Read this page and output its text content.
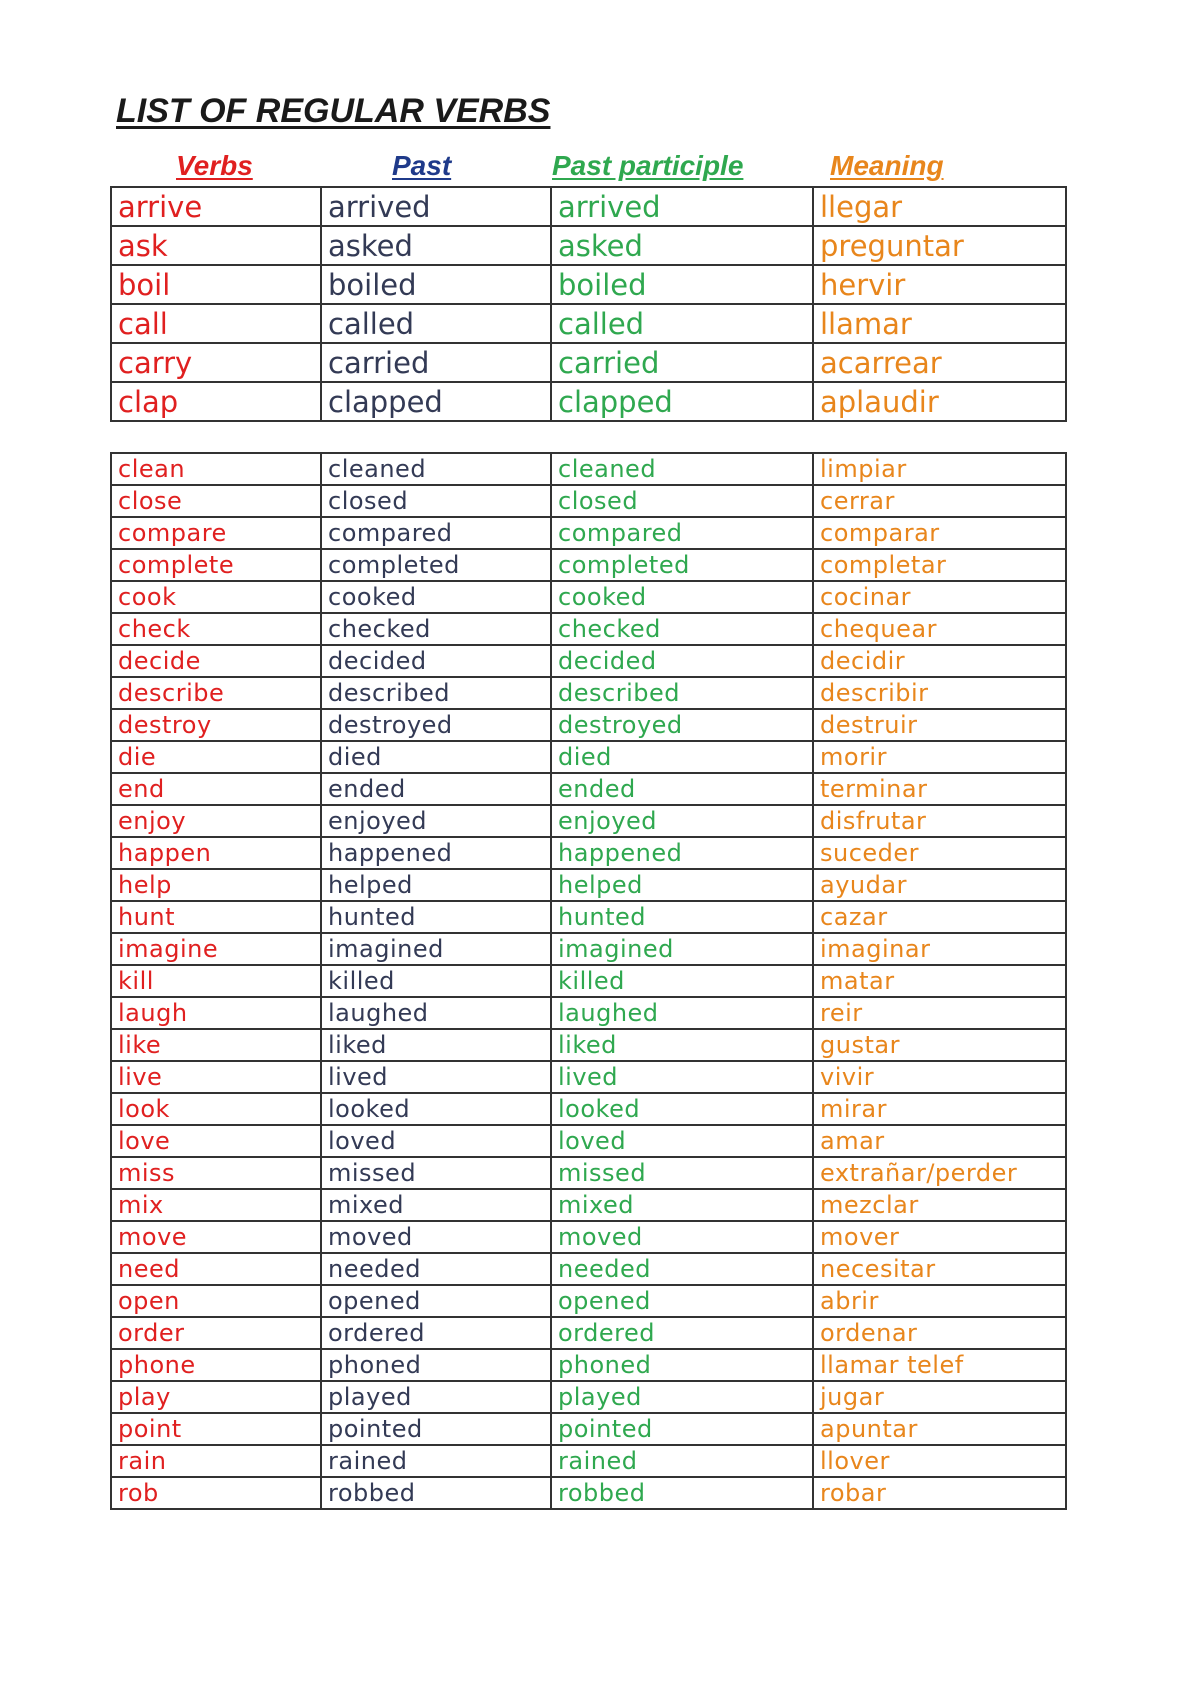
LIST OF REGULAR VERBS
Verbs	Past	Past participle	Meaning
arrive	arrived	arrived	llegar
ask	asked	asked	preguntar
boil	boiled	boiled	hervir
call	called	called	llamar
carry	carried	carried	acarrear
clap	clapped	clapped	aplaudir
clean	cleaned	cleaned	limpiar
close	closed	closed	cerrar
compare	compared	compared	comparar
complete	completed	completed	completar
cook	cooked	cooked	cocinar
check	checked	checked	chequear
decide	decided	decided	decidir
describe	described	described	describir
destroy	destroyed	destroyed	destruir
die	died	died	morir
end	ended	ended	terminar
enjoy	enjoyed	enjoyed	disfrutar
happen	happened	happened	suceder
help	helped	helped	ayudar
hunt	hunted	hunted	cazar
imagine	imagined	imagined	imaginar
kill	killed	killed	matar
laugh	laughed	laughed	reir
like	liked	liked	gustar
live	lived	lived	vivir
look	looked	looked	mirar
love	loved	loved	amar
miss	missed	missed	extrañar/perder
mix	mixed	mixed	mezclar
move	moved	moved	mover
need	needed	needed	necesitar
open	opened	opened	abrir
order	ordered	ordered	ordenar
phone	phoned	phoned	llamar telef
play	played	played	jugar
point	pointed	pointed	apuntar
rain	rained	rained	llover
rob	robbed	robbed	robar
